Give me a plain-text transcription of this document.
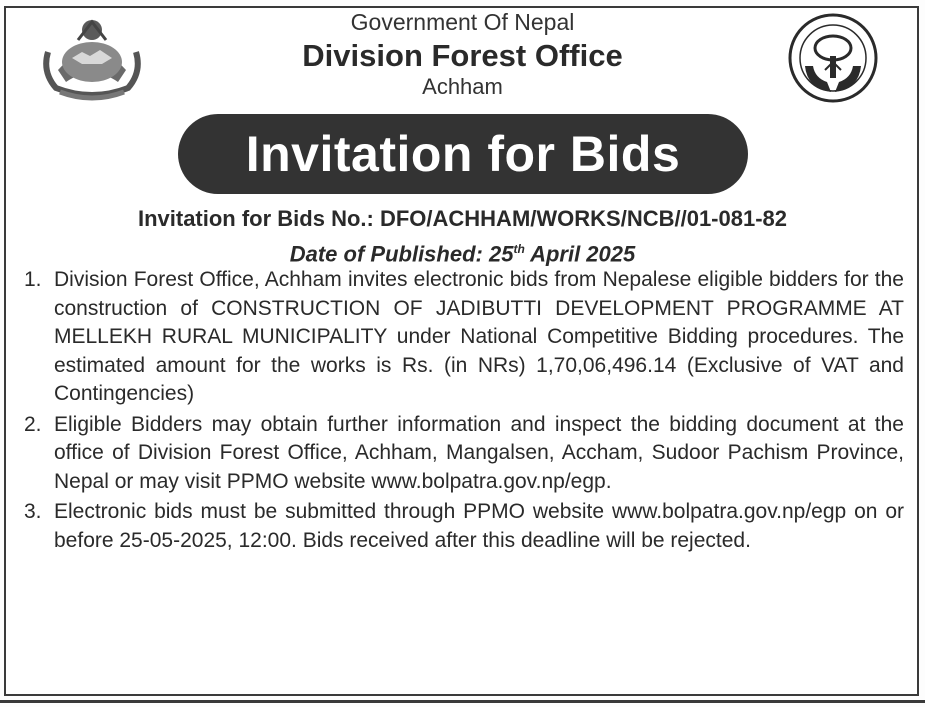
Government Of Nepal
Division Forest Office
Achham
Invitation for Bids
Invitation for Bids No.: DFO/ACHHAM/WORKS/NCB//01-081-82
Date of Published: 25th April 2025
1. Division Forest Office, Achham invites electronic bids from Nepalese eligible bidders for the construction of CONSTRUCTION OF JADIBUTTI DEVELOPMENT PROGRAMME AT MELLEKH RURAL MUNICIPALITY under National Competitive Bidding procedures. The estimated amount for the works is Rs. (in NRs) 1,70,06,496.14 (Exclusive of VAT and Contingencies)
2. Eligible Bidders may obtain further information and inspect the bidding document at the office of Division Forest Office, Achham, Mangalsen, Accham, Sudoor Pachism Province, Nepal or may visit PPMO website www.bolpatra.gov.np/egp.
3. Electronic bids must be submitted through PPMO website www.bolpatra.gov.np/egp on or before 25-05-2025, 12:00. Bids received after this deadline will be rejected.
